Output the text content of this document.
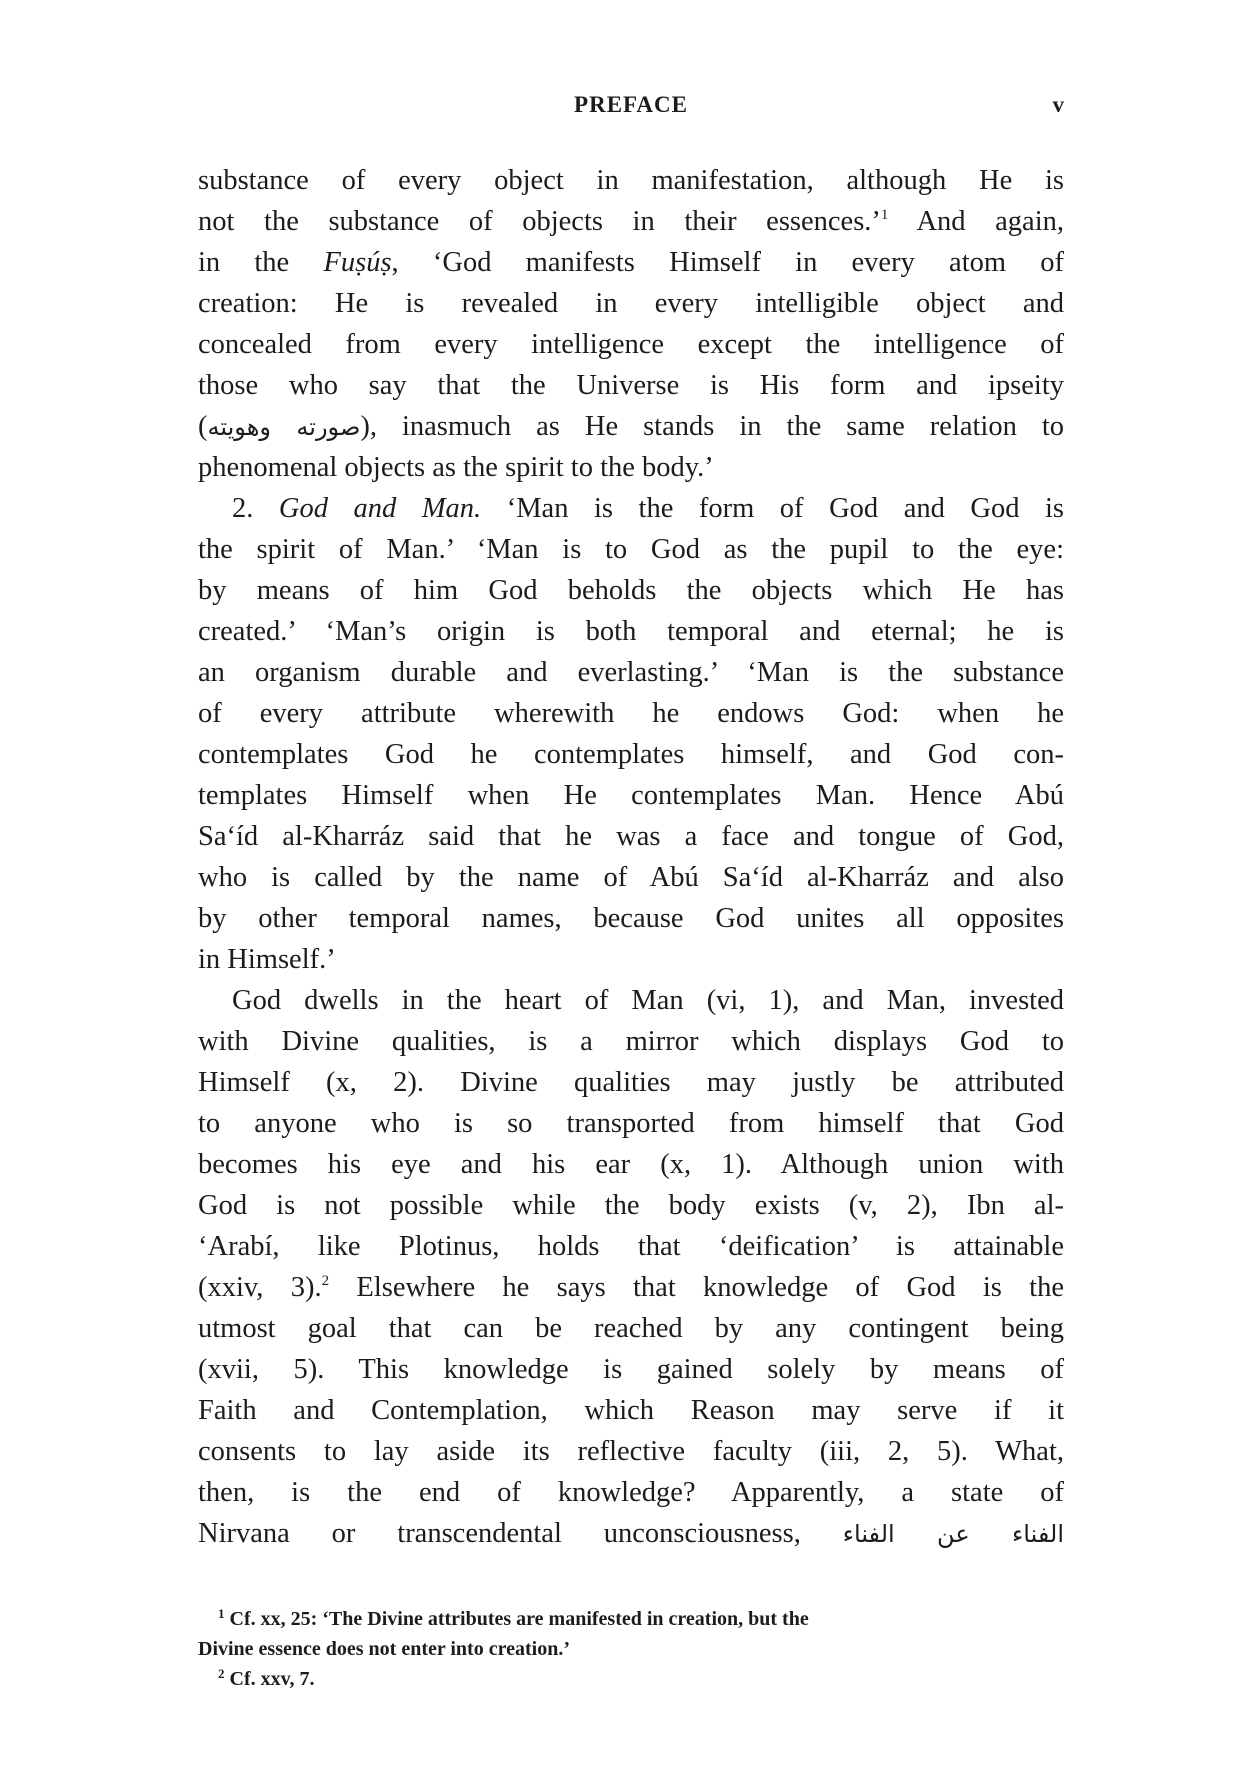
PREFACE	v
substance of every object in manifestation, although He is
not the substance of objects in their essences.’$^1$ And again,
in the Fuṣúṣ, ‘God manifests Himself in every atom of
creation: He is revealed in every intelligible object and
concealed from every intelligence except the intelligence of
those who say that the Universe is His form and ipseity
(صورته وهويته), inasmuch as He stands in the same relation to
phenomenal objects as the spirit to the body.’
2. God and Man. ‘Man is the form of God and God is
the spirit of Man.’ ‘Man is to God as the pupil to the eye:
by means of him God beholds the objects which He has
created.’ ‘Man’s origin is both temporal and eternal; he is
an organism durable and everlasting.’ ‘Man is the substance
of every attribute wherewith he endows God: when he
contemplates God he contemplates himself, and God con-
templates Himself when He contemplates Man. Hence Abú
Sa‘íd al-Kharráz said that he was a face and tongue of God,
who is called by the name of Abú Sa‘íd al-Kharráz and also
by other temporal names, because God unites all opposites
in Himself.’
God dwells in the heart of Man (vi, 1), and Man, invested
with Divine qualities, is a mirror which displays God to
Himself (x, 2). Divine qualities may justly be attributed
to anyone who is so transported from himself that God
becomes his eye and his ear (x, 1). Although union with
God is not possible while the body exists (v, 2), Ibn al-
‘Arabí, like Plotinus, holds that ‘deification’ is attainable
(xxiv, 3).$^2$ Elsewhere he says that knowledge of God is the
utmost goal that can be reached by any contingent being
(xvii, 5). This knowledge is gained solely by means of
Faith and Contemplation, which Reason may serve if it
consents to lay aside its reflective faculty (iii, 2, 5). What,
then, is the end of knowledge? Apparently, a state of
Nirvana or transcendental unconsciousness, الفناء عن الفناء
$^1$ Cf. xx, 25: ‘The Divine attributes are manifested in creation, but the
Divine essence does not enter into creation.’
$^2$ Cf. xxv, 7.
